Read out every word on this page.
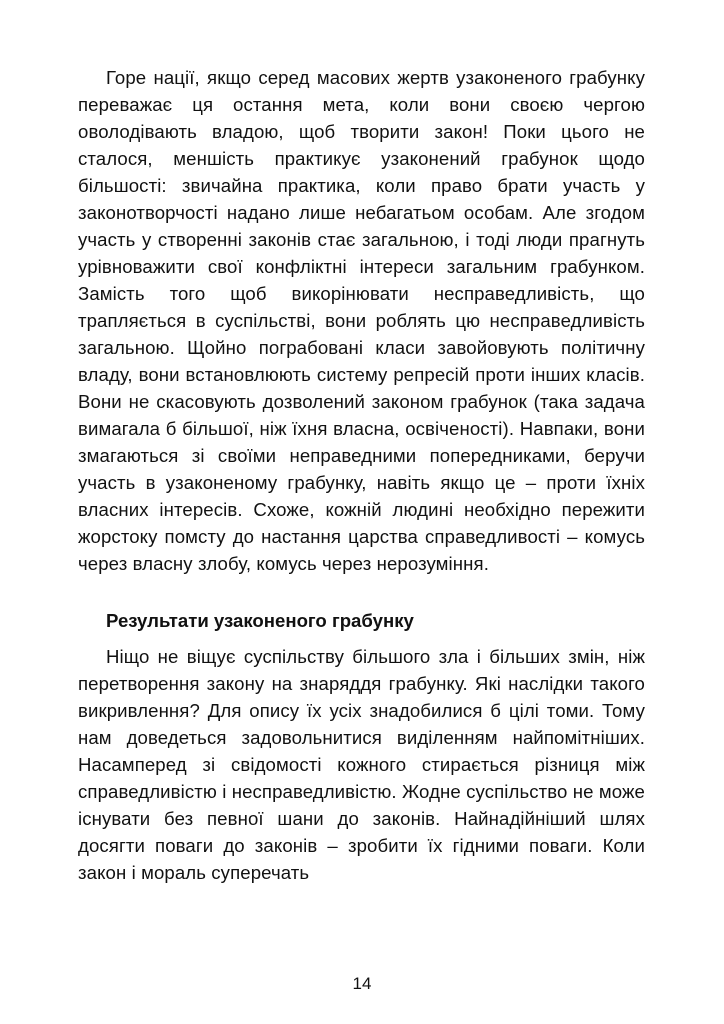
Горе нації, якщо серед масових жертв узаконеного грабунку переважає ця остання мета, коли вони своєю чергою оволодівають владою, щоб творити закон! Поки цього не сталося, меншість практикує узаконений грабунок щодо більшості: звичайна практика, коли право брати участь у законотворчості надано лише небагатьом особам. Але згодом участь у створенні законів стає загальною, і тоді люди прагнуть урівноважити свої конфліктні інтереси загальним грабунком. Замість того щоб викорінювати несправедливість, що трапляється в суспільстві, вони роблять цю несправедливість загальною. Щойно пограбовані класи завойовують політичну владу, вони встановлюють систему репресій проти інших класів. Вони не скасовують дозволений законом грабунок (така задача вимагала б більшої, ніж їхня власна, освіченості). Навпаки, вони змагаються зі своїми неправедними попередниками, беручи участь в узаконеному грабунку, навіть якщо це – проти їхніх власних інтересів. Схоже, кожній людині необхідно пережити жорстоку помсту до настання царства справедливості – комусь через власну злобу, комусь через нерозуміння.

Результати узаконеного грабунку

Ніщо не віщує суспільству більшого зла і більших змін, ніж перетворення закону на знаряддя грабунку. Які наслідки такого викривлення? Для опису їх усіх знадобилися б цілі томи. Тому нам доведеться задовольнитися виділенням найпомітніших. Насамперед зі свідомості кожного стирається різниця між справедливістю і несправедливістю. Жодне суспільство не може існувати без певної шани до законів. Найнадійніший шлях досягти поваги до законів – зробити їх гідними поваги. Коли закон і мораль суперечать

14
